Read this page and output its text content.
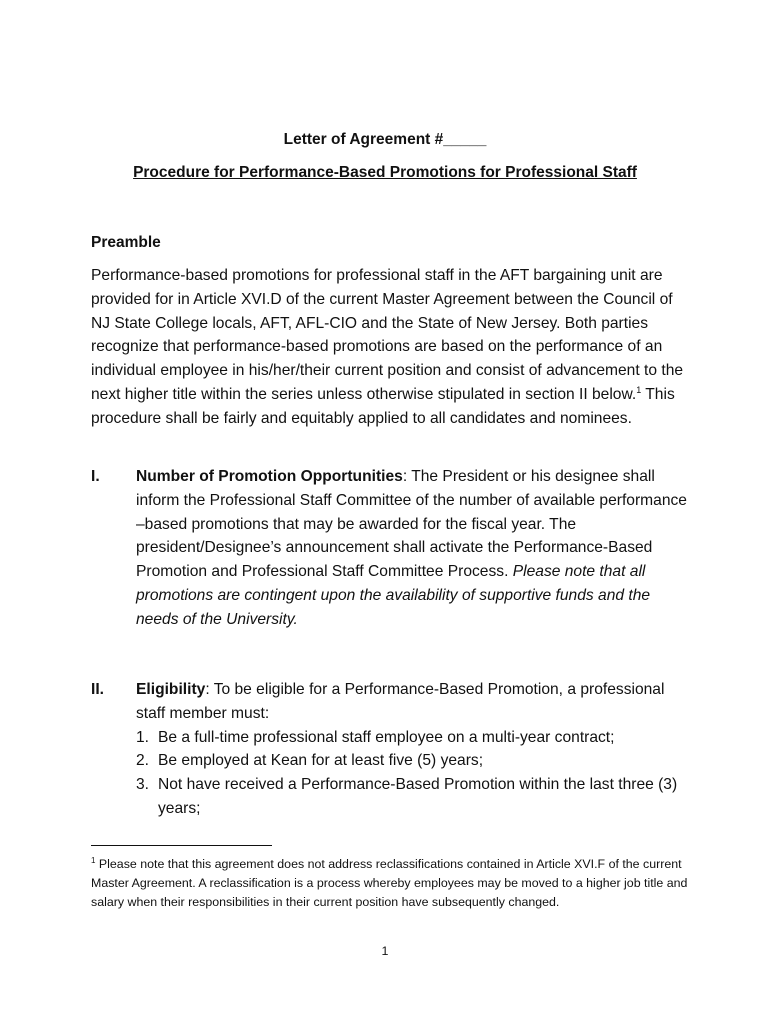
Letter of Agreement #_____
Procedure for Performance-Based Promotions for Professional Staff
Preamble
Performance-based promotions for professional staff in the AFT bargaining unit are provided for in Article XVI.D of the current Master Agreement between the Council of NJ State College locals, AFT, AFL-CIO and the State of New Jersey. Both parties recognize that performance-based promotions are based on the performance of an individual employee in his/her/their current position and consist of advancement to the next higher title within the series unless otherwise stipulated in section II below.$^1$ This procedure shall be fairly and equitably applied to all candidates and nominees.
I. Number of Promotion Opportunities: The President or his designee shall inform the Professional Staff Committee of the number of available performance –based promotions that may be awarded for the fiscal year. The president/Designee’s announcement shall activate the Performance-Based Promotion and Professional Staff Committee Process. Please note that all promotions are contingent upon the availability of supportive funds and the needs of the University.
II. Eligibility: To be eligible for a Performance-Based Promotion, a professional staff member must:
1. Be a full-time professional staff employee on a multi-year contract;
2. Be employed at Kean for at least five (5) years;
3. Not have received a Performance-Based Promotion within the last three (3) years;
$^1$ Please note that this agreement does not address reclassifications contained in Article XVI.F of the current Master Agreement. A reclassification is a process whereby employees may be moved to a higher job title and salary when their responsibilities in their current position have subsequently changed.
1
